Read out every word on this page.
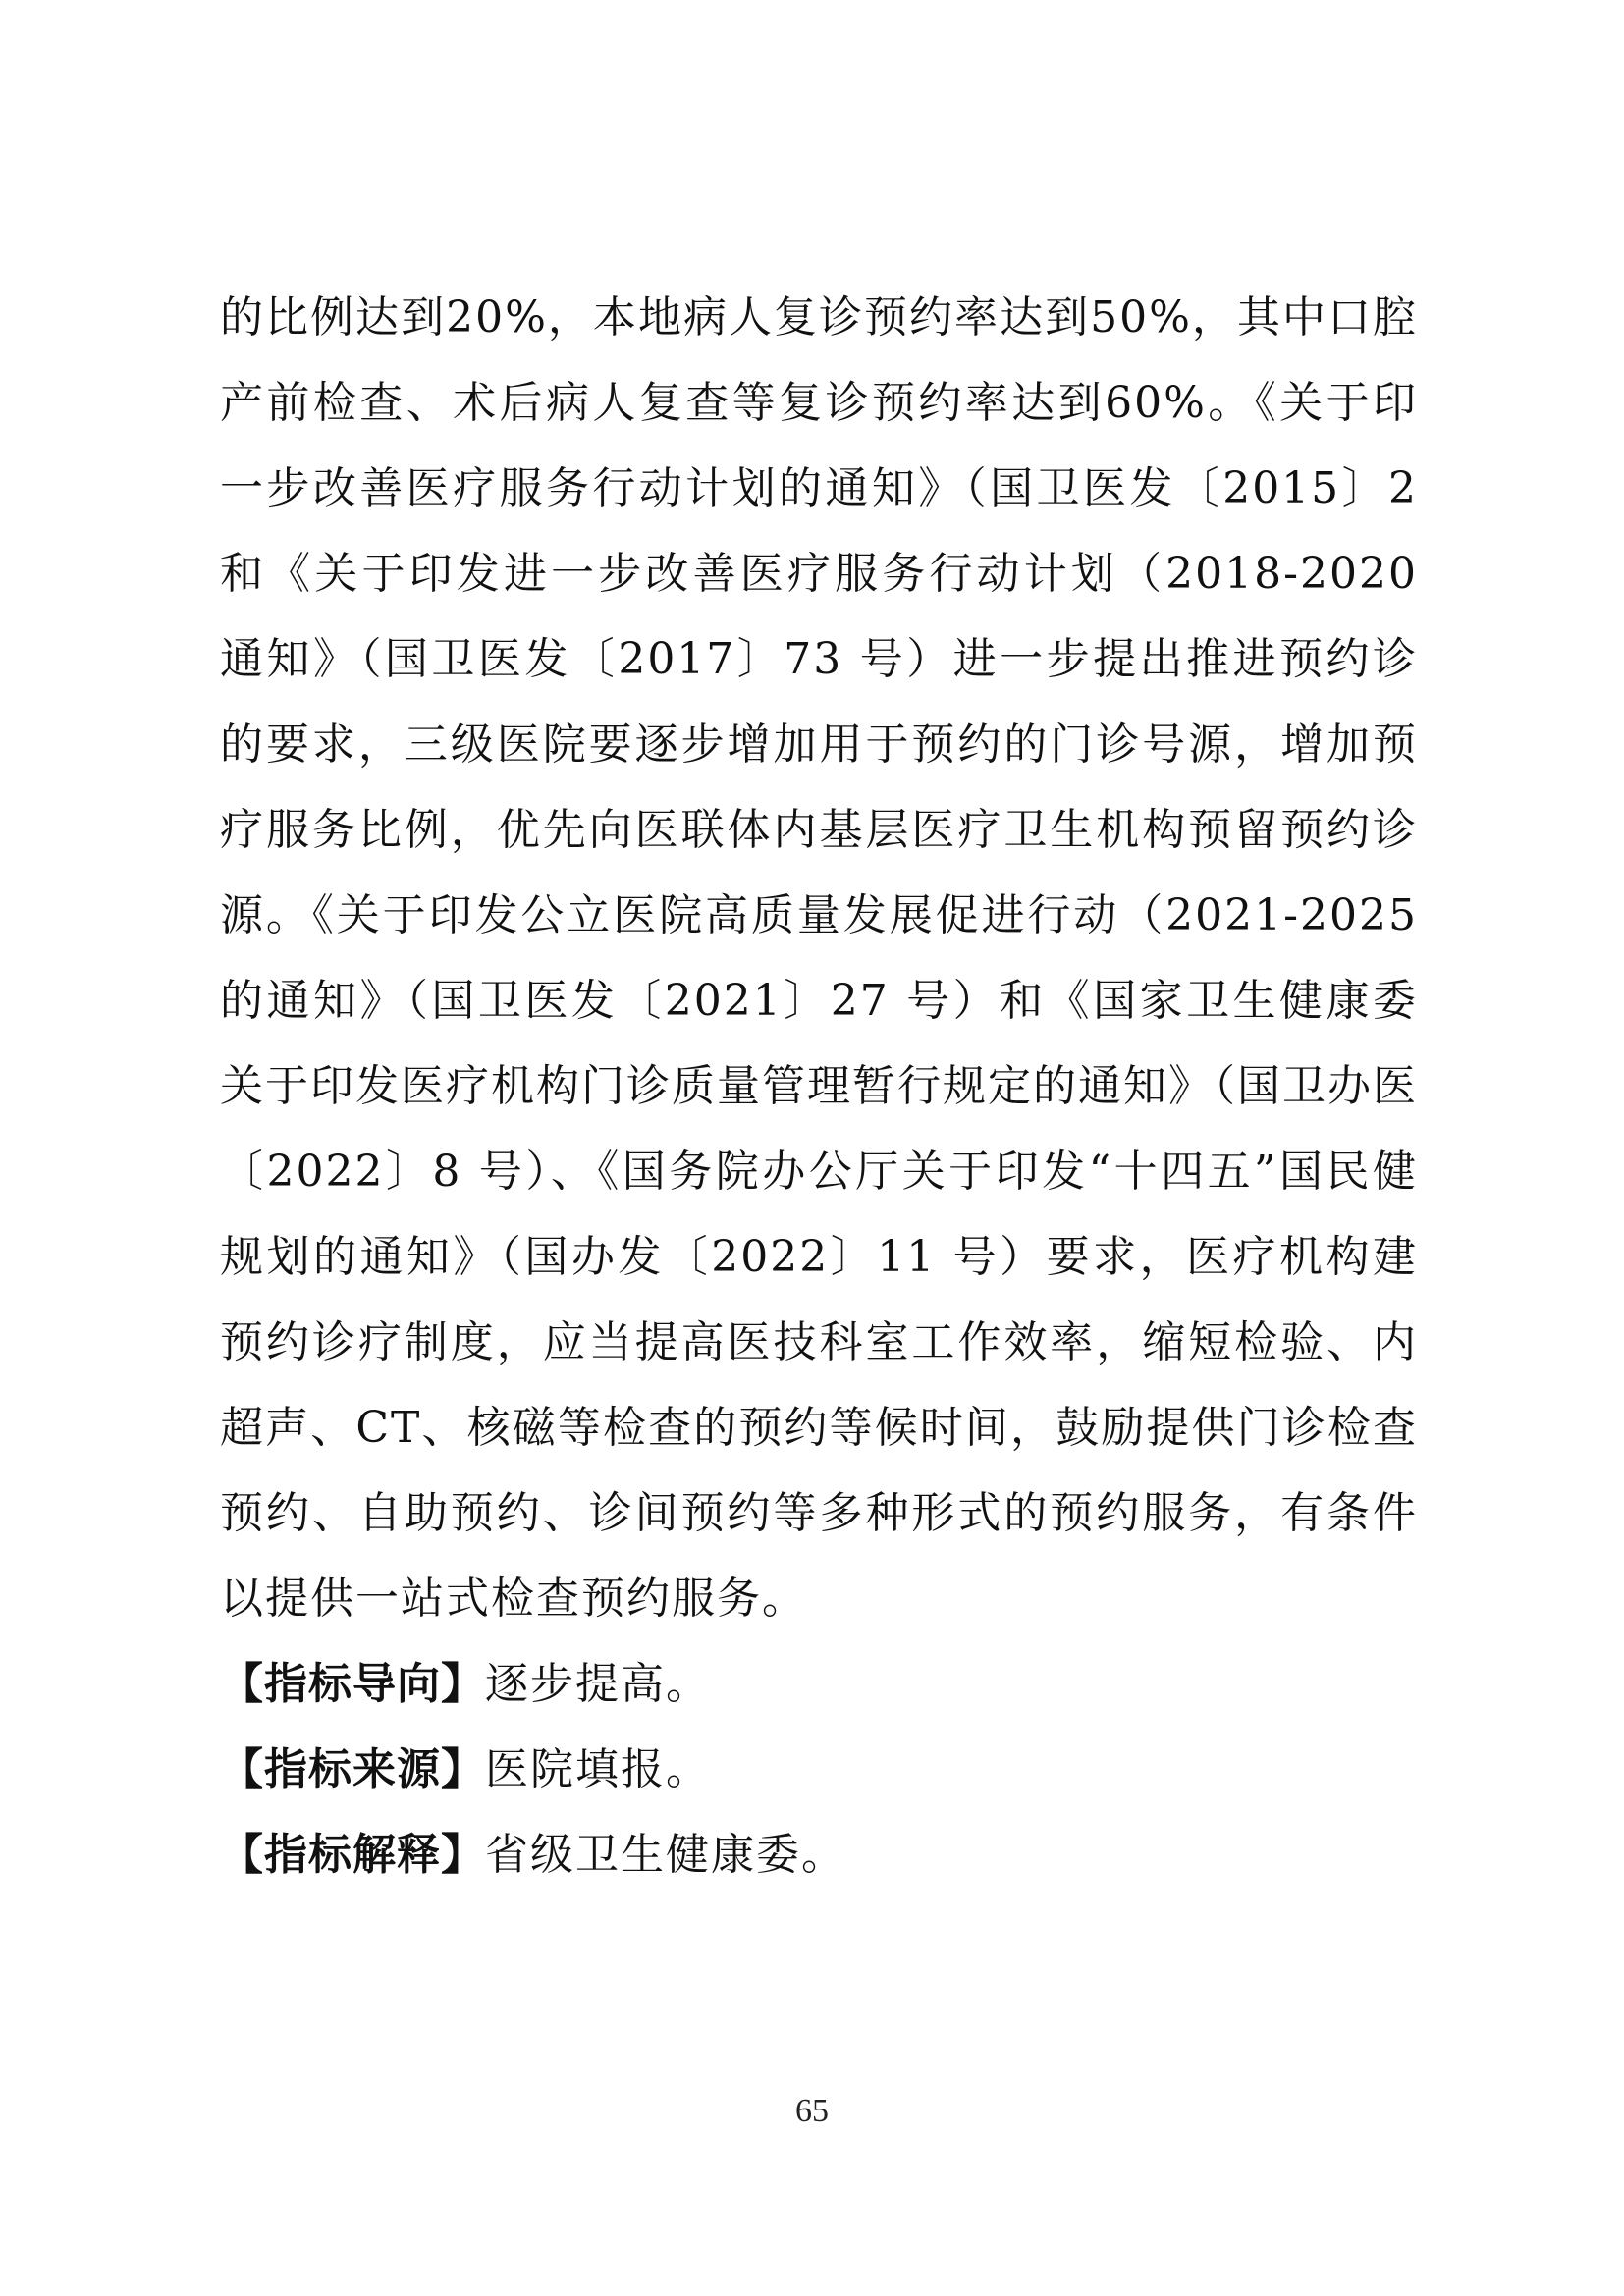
的比例达到20%，本地病人复诊预约率达到50%，其中口腔
产前检查、术后病人复查等复诊预约率达到60%。《关于印
一步改善医疗服务行动计划的通知》（国卫医发〔2015〕2
和《关于印发进一步改善医疗服务行动计划（2018-2020
通知》（国卫医发〔2017〕73 号）进一步提出推进预约诊
的要求，三级医院要逐步增加用于预约的门诊号源，增加预
疗服务比例，优先向医联体内基层医疗卫生机构预留预约诊
源。《关于印发公立医院高质量发展促进行动（2021-2025
的通知》（国卫医发〔2021〕27 号）和《国家卫生健康委
关于印发医疗机构门诊质量管理暂行规定的通知》（国卫办医
〔2022〕8 号）、《国务院办公厅关于印发“十四五”国民健
规划的通知》（国办发〔2022〕11 号）要求，医疗机构建
预约诊疗制度，应当提高医技科室工作效率，缩短检验、内
超声、CT、核磁等检查的预约等候时间，鼓励提供门诊检查
预约、自助预约、诊间预约等多种形式的预约服务，有条件
以提供一站式检查预约服务。
【指标导向】逐步提高。
【指标来源】医院填报。
【指标解释】省级卫生健康委。
65
